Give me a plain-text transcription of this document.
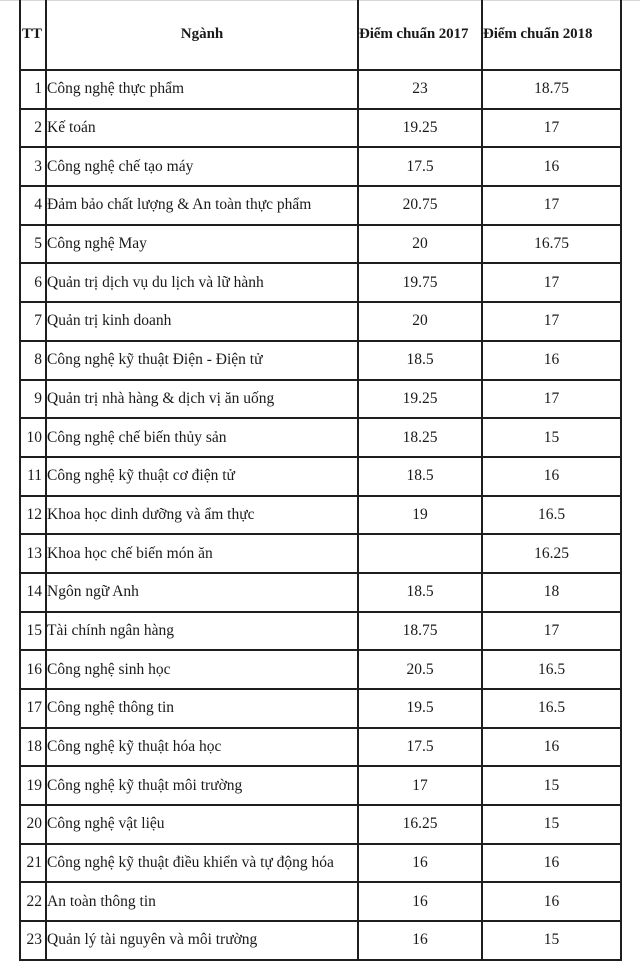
TT	Ngành	Điểm chuẩn 2017	Điểm chuẩn 2018
1	Công nghệ thực phẩm	23	18.75
2	Kế toán	19.25	17
3	Công nghệ chế tạo máy	17.5	16
4	Đảm bảo chất lượng & An toàn thực phẩm	20.75	17
5	Công nghệ May	20	16.75
6	Quản trị dịch vụ du lịch và lữ hành	19.75	17
7	Quản trị kinh doanh	20	17
8	Công nghệ kỹ thuật Điện - Điện tử	18.5	16
9	Quản trị nhà hàng & dịch vị ăn uống	19.25	17
10	Công nghệ chế biến thủy sản	18.25	15
11	Công nghệ kỹ thuật cơ điện tử	18.5	16
12	Khoa học dinh dưỡng và ẩm thực	19	16.5
13	Khoa học chế biến món ăn		16.25
14	Ngôn ngữ Anh	18.5	18
15	Tài chính ngân hàng	18.75	17
16	Công nghệ sinh học	20.5	16.5
17	Công nghệ thông tin	19.5	16.5
18	Công nghệ kỹ thuật hóa học	17.5	16
19	Công nghệ kỹ thuật môi trường	17	15
20	Công nghệ vật liệu	16.25	15
21	Công nghệ kỹ thuật điều khiển và tự động hóa	16	16
22	An toàn thông tin	16	16
23	Quản lý tài nguyên và môi trường	16	15
